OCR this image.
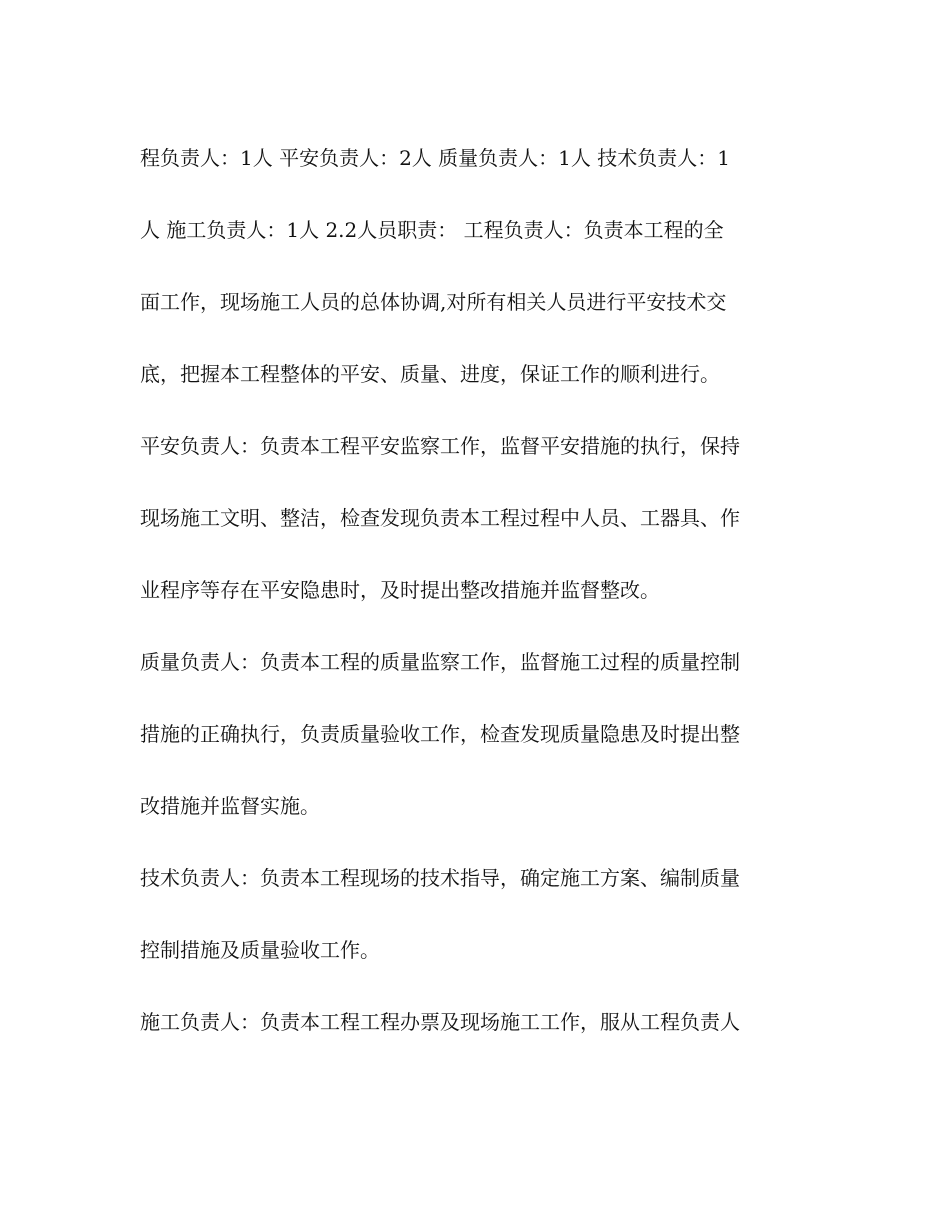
程负责人：1人 平安负责人：2人 质量负责人：1人 技术负责人：1
人 施工负责人：1人 2.2人员职责： 工程负责人：负责本工程的全
面工作，现场施工人员的总体协调,对所有相关人员进行平安技术交
底，把握本工程整体的平安、质量、进度，保证工作的顺利进行。
平安负责人：负责本工程平安监察工作，监督平安措施的执行，保持
现场施工文明、整洁，检查发现负责本工程过程中人员、工器具、作
业程序等存在平安隐患时，及时提出整改措施并监督整改。
质量负责人：负责本工程的质量监察工作，监督施工过程的质量控制
措施的正确执行，负责质量验收工作，检查发现质量隐患及时提出整
改措施并监督实施。
技术负责人：负责本工程现场的技术指导，确定施工方案、编制质量
控制措施及质量验收工作。
施工负责人：负责本工程工程办票及现场施工工作，服从工程负责人
